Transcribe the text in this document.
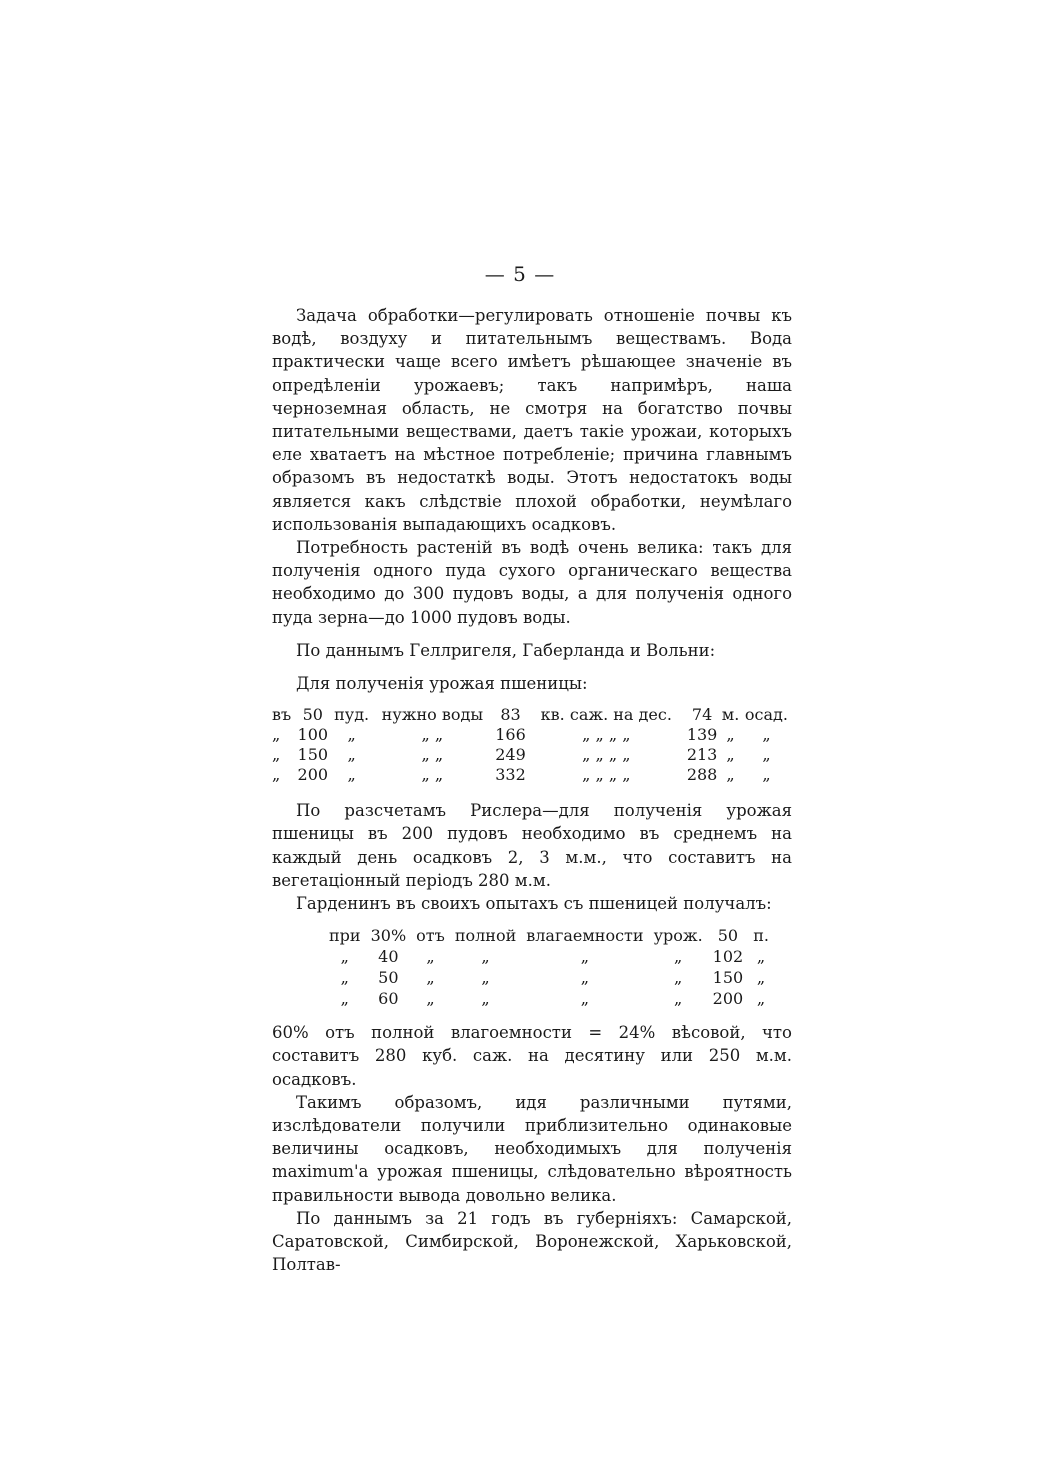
— 5 —

Задача обработки—регулировать отношеніе почвы къ водѣ, воздуху и питательнымъ веществамъ. Вода практически чаще всего имѣетъ рѣшающее значеніе въ опредѣленіи урожаевъ; такъ напримѣръ, наша черноземная область, не смотря на богатство почвы питательными веществами, даетъ такіе урожаи, которыхъ еле хватаетъ на мѣстное потребленіе; причина главнымъ образомъ въ недостаткѣ воды. Этотъ недостатокъ воды является какъ слѣдствіе плохой обработки, неумѣлаго использованія выпадающихъ осадковъ.

Потребность растеній въ водѣ очень велика: такъ для полученія одного пуда сухого органическаго вещества необходимо до 300 пудовъ воды, а для полученія одного пуда зерна—до 1000 пудовъ воды.

По даннымъ Геллригеля, Габерланда и Вольни:

Для полученія урожая пшеницы:

въ	50	пуд.	нужно воды	83	кв. саж. на дес.	74	м.	осад.
„	100	„	„ „	166	„ „ „ „	139	„	„
„	150	„	„ „	249	„ „ „ „	213	„	„
„	200	„	„ „	332	„ „ „ „	288	„	„

По разсчетамъ Рислера—для полученія урожая пшеницы въ 200 пудовъ необходимо въ среднемъ на каждый день осадковъ 2, 3 м.м., что составитъ на вегетаціонный періодъ 280 м.м.

Гарденинъ въ своихъ опытахъ съ пшеницей получалъ:

при	30%	отъ	полной	влагаемности	урож.	50	п.
„	40	„	„	„	„	102	„
„	50	„	„	„	„	150	„
„	60	„	„	„	„	200	„

60% отъ полной влагоемности = 24% вѣсовой, что составитъ 280 куб. саж. на десятину или 250 м.м. осадковъ.

Такимъ образомъ, идя различными путями, изслѣдователи получили приблизительно одинаковые величины осадковъ, необходимыхъ для полученія maximum'а урожая пшеницы, слѣдовательно вѣроятность правильности вывода довольно велика.

По даннымъ за 21 годъ въ губерніяхъ: Самарской, Саратовской, Симбирской, Воронежской, Харьковской, Полтав-
